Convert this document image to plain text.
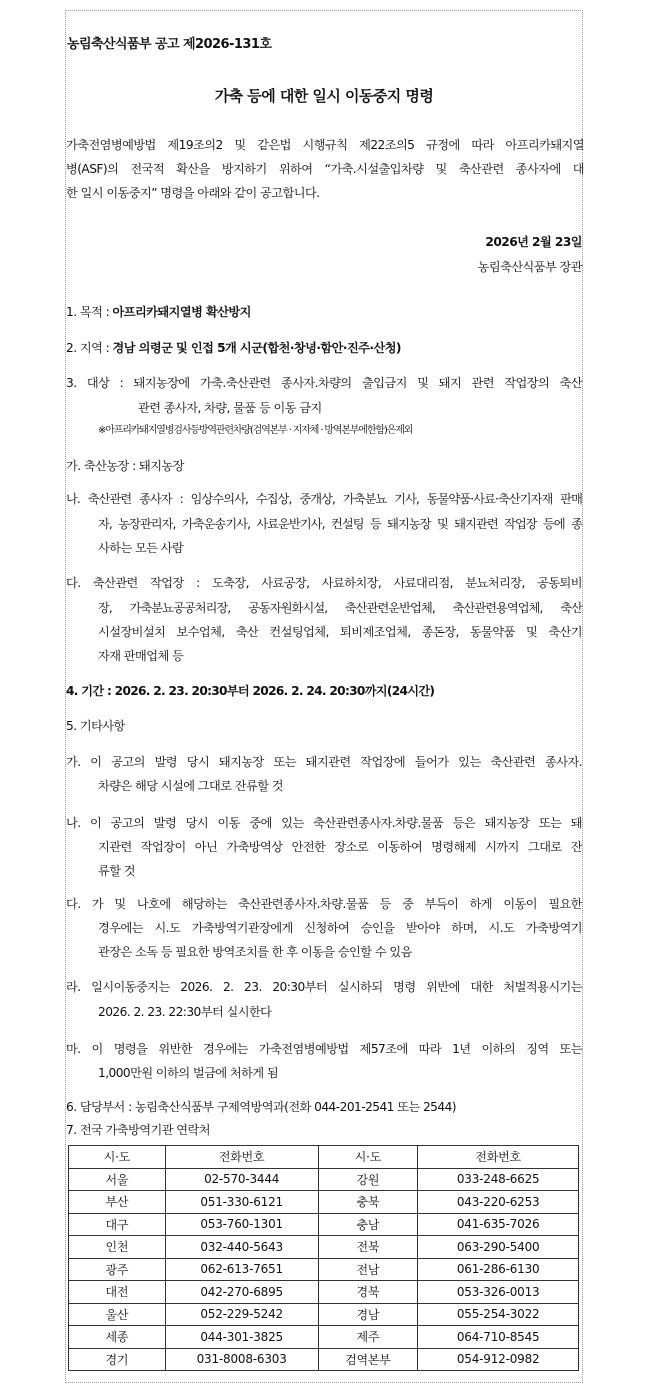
농림축산식품부 공고 제2026-131호
가축 등에 대한 일시 이동중지 명령
가축전염병예방법 제19조의2 및 같은법 시행규칙 제22조의5 규정에 따라 아프리카돼지열
병(ASF)의 전국적 확산을 방지하기 위하여 “가축.시설출입차량 및 축산관련 종사자에 대
한 일시 이동중지” 명령을 아래와 같이 공고합니다.
2026년 2월 23일
농림축산식품부 장관
1. 목적 : 아프리카돼지열병 확산방지
2. 지역 : 경남 의령군 및 인접 5개 시군(합천·창녕·함안·진주·산청)
3. 대상 : 돼지농장에 가축.축산관련 종사자.차량의 출입금지 및 돼지 관련 작업장의 축산
관련 종사자, 차량, 물품 등 이동 금지
※아프리카돼지열병검사등방역관련차량(검역본부 · 지자체 · 방역본부에한함)은제외
가. 축산농장 : 돼지농장
나. 축산관련 종사자 : 임상수의사, 수집상, 중개상, 가축분뇨 기사, 동물약품·사료·축산기자재 판매
자, 농장관리자, 가축운송기사, 사료운반기사, 컨설팅 등 돼지농장 및 돼지관련 작업장 등에 종
사하는 모든 사람
다. 축산관련 작업장 : 도축장, 사료공장, 사료하치장, 사료대리점, 분뇨처리장, 공동퇴비
장, 가축분뇨공공처리장, 공동자원화시설, 축산관련운반업체, 축산관련용역업체, 축산
시설장비설치 보수업체, 축산 컨설팅업체, 퇴비제조업체, 종돈장, 동물약품 및 축산기
자재 판매업체 등
4. 기간 : 2026. 2. 23. 20:30부터 2026. 2. 24. 20:30까지(24시간)
5. 기타사항
가. 이 공고의 발령 당시 돼지농장 또는 돼지관련 작업장에 들어가 있는 축산관련 종사자.
차량은 해당 시설에 그대로 잔류할 것
나. 이 공고의 발령 당시 이동 중에 있는 축산관련종사자.차량.물품 등은 돼지농장 또는 돼
지관련 작업장이 아닌 가축방역상 안전한 장소로 이동하여 명령해제 시까지 그대로 잔
류할 것
다. 가 및 나호에 해당하는 축산관련종사자.차량.물품 등 중 부득이 하게 이동이 필요한
경우에는 시.도 가축방역기관장에게 신청하여 승인을 받아야 하며, 시.도 가축방역기
관장은 소독 등 필요한 방역조치를 한 후 이동을 승인할 수 있음
라. 일시이동중지는 2026. 2. 23. 20:30부터 실시하되 명령 위반에 대한 처벌적용시기는
2026. 2. 23. 22:30부터 실시한다
마. 이 명령을 위반한 경우에는 가축전염병예방법 제57조에 따라 1년 이하의 징역 또는
1,000만원 이하의 벌금에 처하게 됨
6. 담당부서 : 농림축산식품부 구제역방역과(전화 044-201-2541 또는 2544)
7. 전국 가축방역기관 연락처
시·도	전화번호	시·도	전화번호
서울	02-570-3444	강원	033-248-6625
부산	051-330-6121	충북	043-220-6253
대구	053-760-1301	충남	041-635-7026
인천	032-440-5643	전북	063-290-5400
광주	062-613-7651	전남	061-286-6130
대전	042-270-6895	경북	053-326-0013
울산	052-229-5242	경남	055-254-3022
세종	044-301-3825	제주	064-710-8545
경기	031-8008-6303	검역본부	054-912-0982
